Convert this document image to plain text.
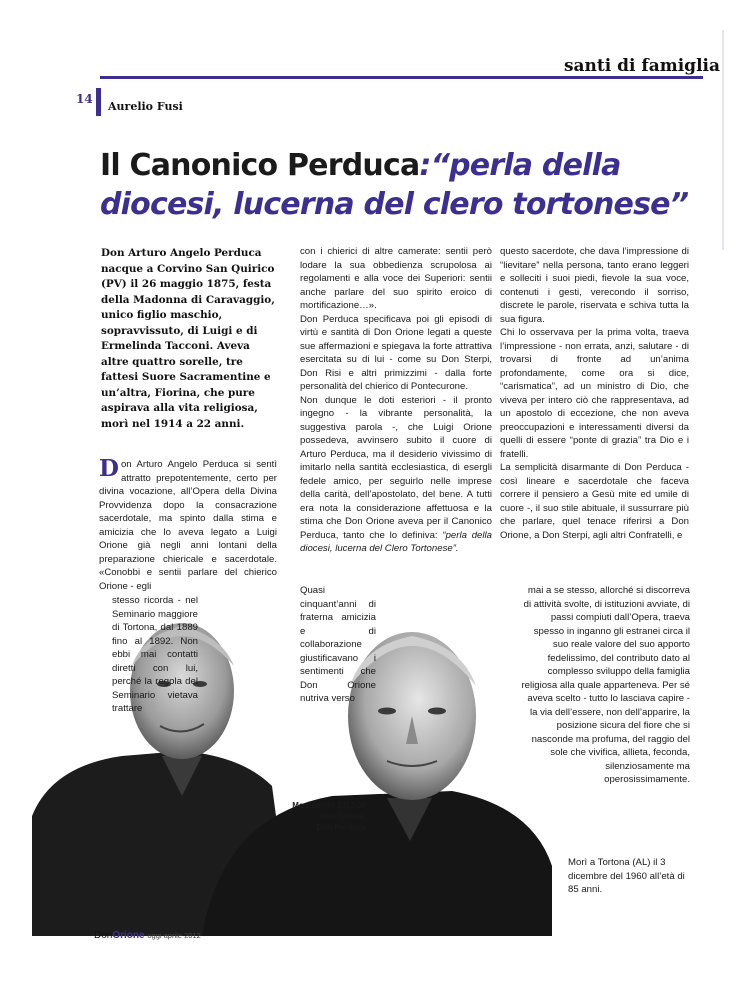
santi di famiglia
14
Aurelio Fusi
Il Canonico Perduca:“perla della diocesi, lucerna del clero tortonese”
Don Arturo Angelo Perduca nacque a Corvino San Quirico (PV) il 26 maggio 1875, festa della Madonna di Caravaggio, unico figlio maschio, sopravvissuto, di Luigi e di Ermelinda Tacconi. Aveva altre quattro sorelle, tre fattesi Suore Sacramentine e un’altra, Fiorina, che pure aspirava alla vita religiosa, morì nel 1914 a 22 anni.
Don Arturo Angelo Perduca si sentì attratto prepotentemente, certo per divina vocazione, all’Opera della Divina Provvidenza dopo la consacrazione sacerdotale, ma spinto dalla stima e amicizia che lo aveva legato a Luigi Orione già negli anni lontani della preparazione chiericale e sacerdotale. «Conobbi e sentii parlare del chierico Orione - egli
stesso ricorda - nel Seminario maggiore di Tortona, dal 1889 fino al 1892. Non ebbi mai contatti diretti con lui, perché la regola del Seminario vietava trattare

con i chierici di altre camerate: sentii però lodare la sua obbedienza scrupolosa ai regolamenti e alla voce dei Superiori: sentii anche parlare del suo spirito eroico di mortificazione…».

Don Perduca specificava poi gli episodi di virtù e santità di Don Orione legati a queste sue affermazioni e spiegava la forte attrattiva esercitata su di lui - come su Don Sterpi, Don Risi e altri primizzimi - dalla forte personalità del chierico di Pontecurone.

Non dunque le doti esteriori - il pronto ingegno - la vibrante personalità, la suggestiva parola -, che Luigi Orione possedeva, avvinsero subito il cuore di Arturo Perduca, ma il desiderio vivissimo di imitarlo nella santità ecclesiastica, di esergli fedele amico, per seguirlo nelle imprese della carità, dell’apostolato, del bene. A tutti era nota la considerazione affettuosa e la stima che Don Orione aveva per il Canonico Perduca, tanto che lo definiva: “perla della diocesi, lucerna del Clero Tortonese”.

Quasi cinquant’anni di fraterna amicizia e di collaborazione giustificavano i sentimenti che Don Orione nutriva verso

questo sacerdote, che dava l’impressione di “lievitare” nella persona, tanto erano leggeri e solleciti i suoi piedi, fievole la sua voce, contenuti i gesti, verecondo il sorriso, discrete le parole, riservata e schiva tutta la sua figura.

Chi lo osservava per la prima volta, traeva l’impressione - non errata, anzi, salutare - di trovarsi di fronte ad un’anima profondamente, come ora si dice, “carismatica”, ad un ministro di Dio, che viveva per intero ciò che rappresentava, ad un apostolo di eccezione, che non aveva preoccupazioni e interessamenti diversi da quelli di essere “ponte di grazia” tra Dio e i fratelli.

La semplicità disarmante di Don Perduca - così lineare e sacerdotale che faceva correre il pensiero a Gesù mite ed umile di cuore -, il suo stile abituale, il sussurrare più che parlare, quel tenace riferirsi a Don Orione, a Don Sterpi, agli altri Confratelli, e

mai a se stesso, allorché si discorreva di attività svolte, di istituzioni avviate, di passi compiuti dall’Opera, traeva spesso in inganno gli estranei circa il suo reale valore del suo apporto fedelissimo, del contributo dato al complesso sviluppo della famiglia religiosa alla quale apparteneva. Per sé aveva scelto - tutto lo lasciava capire - la via dell’essere, non dell’apparire, la posizione sicura del fiore che si nasconde ma profuma, del raggio del sole che vivifica, allieta, feconda, silenziosamente ma operosissimamente.
Morì a Tortona (AL) il 3 dicembre del 1960 all’età di 85 anni.
Montebello 1937-38
Don Orione,
Don Perduca
DonOrione oggi aprile 2012
